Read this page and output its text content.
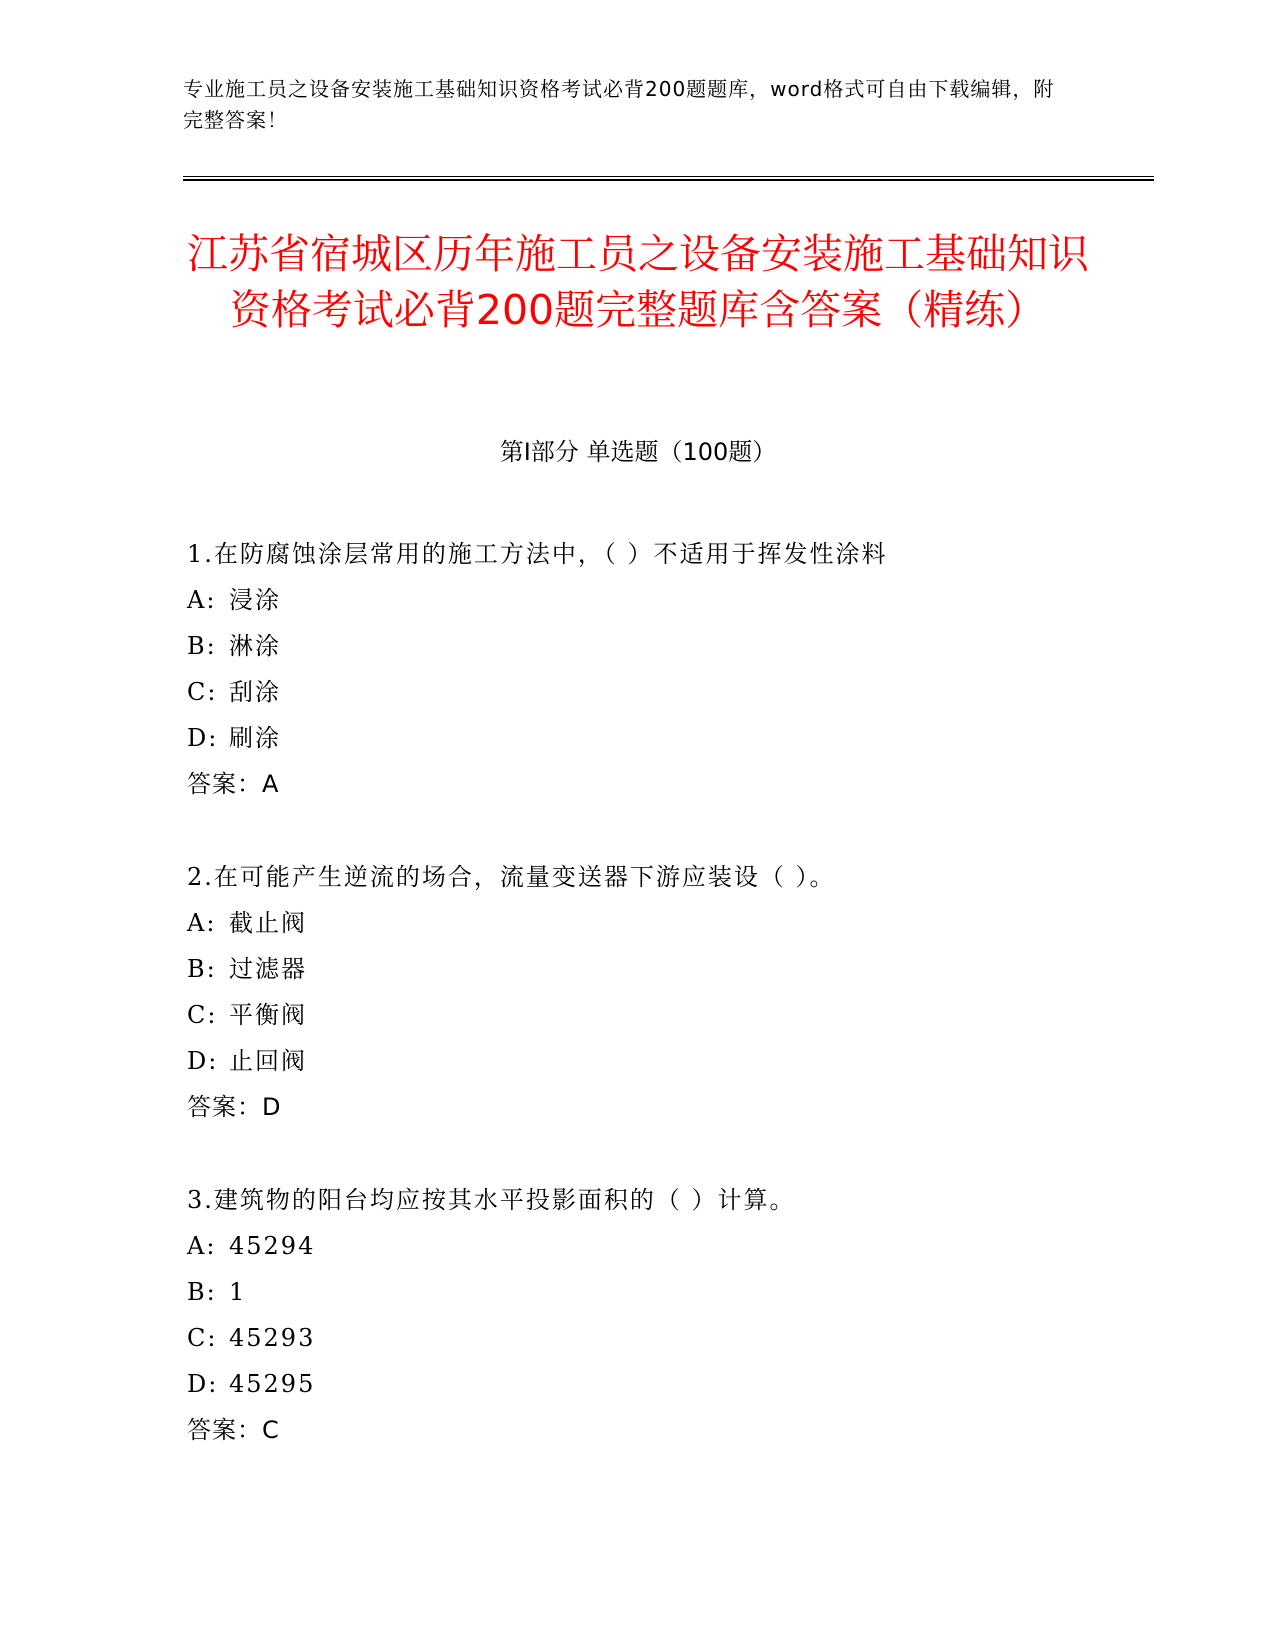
专业施工员之设备安装施工基础知识资格考试必背200题题库，word格式可自由下载编辑，附完整答案！
江苏省宿城区历年施工员之设备安装施工基础知识资格考试必背200题完整题库含答案（精练）
第Ⅰ部分 单选题（100题）
1.在防腐蚀涂层常用的施工方法中，（ ）不适用于挥发性涂料
A: 浸涂
B: 淋涂
C: 刮涂
D: 刷涂
答案：A
2.在可能产生逆流的场合，流量变送器下游应装设（ ）。
A: 截止阀
B: 过滤器
C: 平衡阀
D: 止回阀
答案：D
3.建筑物的阳台均应按其水平投影面积的（ ）计算。
A: 45294
B: 1
C: 45293
D: 45295
答案：C
